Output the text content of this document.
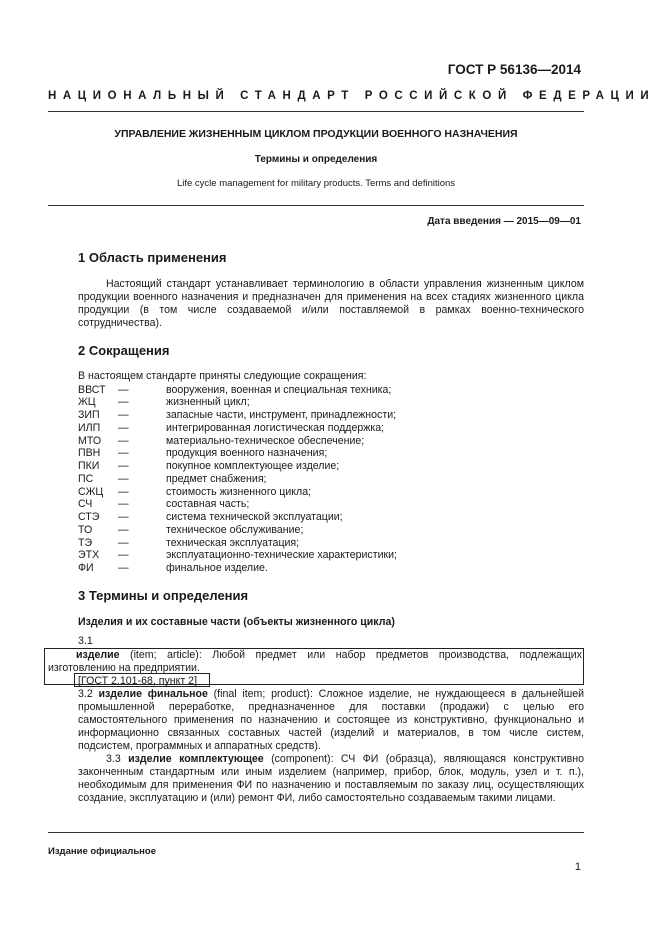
ГОСТ Р 56136—2014
НАЦИОНАЛЬНЫЙ СТАНДАРТ РОССИЙСКОЙ ФЕДЕРАЦИИ
УПРАВЛЕНИЕ ЖИЗНЕННЫМ ЦИКЛОМ ПРОДУКЦИИ ВОЕННОГО НАЗНАЧЕНИЯ
Термины и определения
Life cycle management for military products. Terms and definitions
Дата введения — 2015—09—01
1 Область применения
Настоящий стандарт устанавливает терминологию в области управления жизненным циклом продукции военного назначения и предназначен для применения на всех стадиях жизненного цикла продукции (в том числе создаваемой и/или поставляемой в рамках военно-технического сотрудничества).
2 Сокращения
В настоящем стандарте приняты следующие сокращения:
ВВСТ —	вооружения, военная и специальная техника;
ЖЦ —	жизненный цикл;
ЗИП —	запасные части, инструмент, принадлежности;
ИЛП —	интегрированная логистическая поддержка;
МТО —	материально-техническое обеспечение;
ПВН —	продукция военного назначения;
ПКИ —	покупное комплектующее изделие;
ПС —	предмет снабжения;
СЖЦ —	стоимость жизненного цикла;
СЧ —	составная часть;
СТЭ —	система технической эксплуатации;
ТО —	техническое обслуживание;
ТЭ —	техническая эксплуатация;
ЭТХ —	эксплуатационно-технические характеристики;
ФИ —	финальное изделие.
3 Термины и определения
Изделия и их составные части (объекты жизненного цикла)
3.1
изделие (item; article): Любой предмет или набор предметов производства, подлежащих изготовлению на предприятии.
[ГОСТ 2.101-68, пункт 2]
3.2 изделие финальное (final item; product): Сложное изделие, не нуждающееся в дальнейшей промышленной переработке, предназначенное для поставки (продажи) с целью его самостоятельного применения по назначению и состоящее из конструктивно, функционально и информационно связанных составных частей (изделий и материалов, в том числе систем, подсистем, программных и аппаратных средств).
3.3 изделие комплектующее (component): СЧ ФИ (образца), являющаяся конструктивно законченным стандартным или иным изделием (например, прибор, блок, модуль, узел и т. п.), необходимым для применения ФИ по назначению и поставляемым по заказу лиц, осуществляющих создание, эксплуатацию и (или) ремонт ФИ, либо самостоятельно создаваемым такими лицами.
Издание официальное
1
